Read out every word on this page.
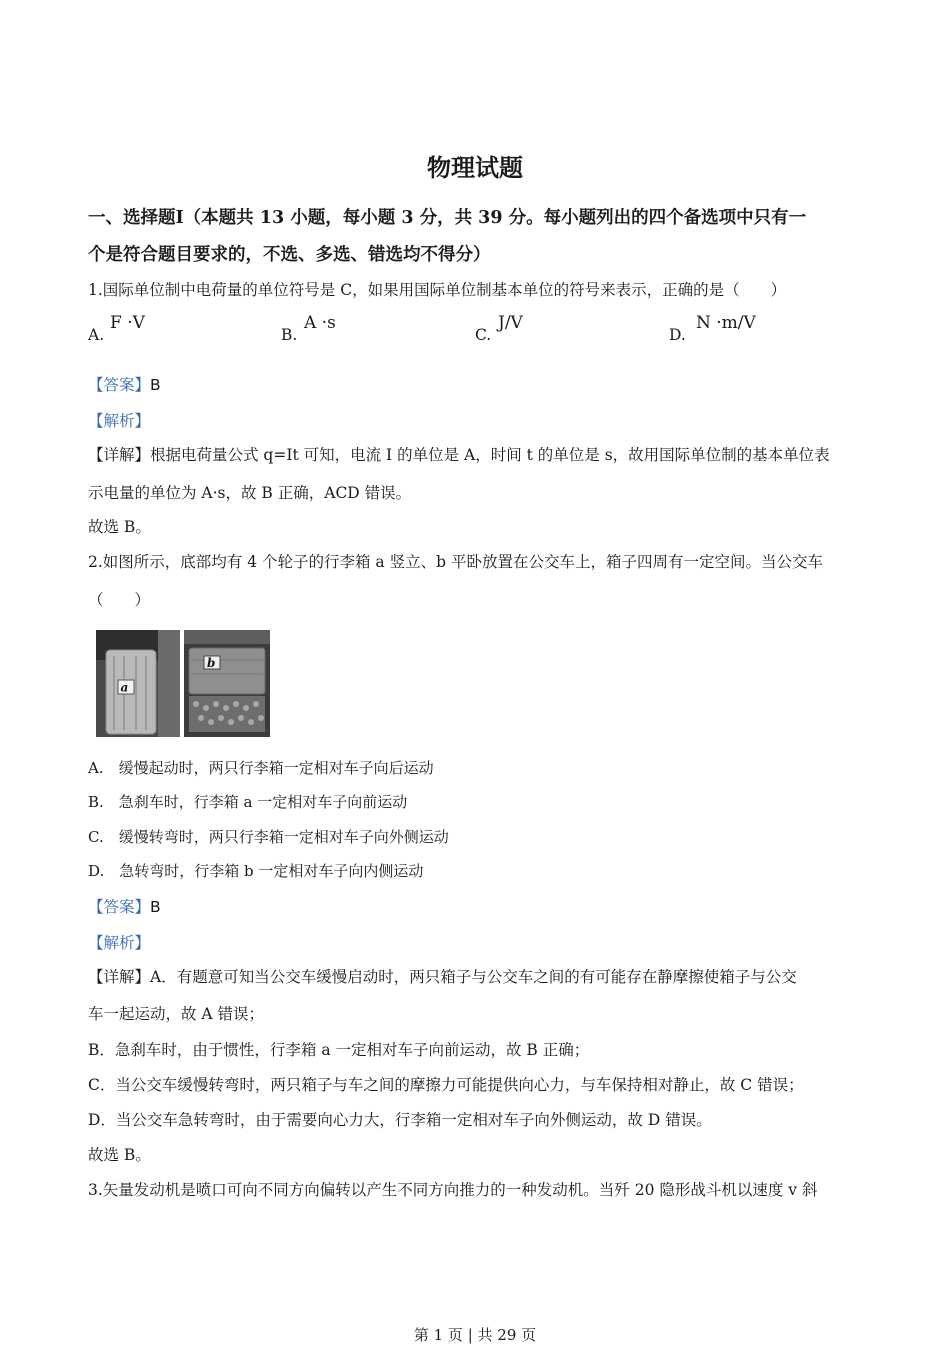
物理试题
一、选择题Ⅰ（本题共 13 小题，每小题 3 分，共 39 分。每小题列出的四个备选项中只有一
个是符合题目要求的，不选、多选、错选均不得分）
1.国际单位制中电荷量的单位符号是 C，如果用国际单位制基本单位的符号来表示，正确的是（　　）
A.
F ·V
B.
A ·s
C.
J/V
D.
N ·m/V
【答案】B
【解析】
【详解】根据电荷量公式 q=It 可知，电流 I 的单位是 A，时间 t 的单位是 s，故用国际单位制的基本单位表
示电量的单位为 A·s，故 B 正确，ACD 错误。
故选 B。
2.如图所示，底部均有 4 个轮子的行李箱 a 竖立、b 平卧放置在公交车上，箱子四周有一定空间。当公交车
（　　）
a
b
A.　缓慢起动时，两只行李箱一定相对车子向后运动
B.　急刹车时，行李箱 a 一定相对车子向前运动
C.　缓慢转弯时，两只行李箱一定相对车子向外侧运动
D.　急转弯时，行李箱 b 一定相对车子向内侧运动
【答案】B
【解析】
【详解】A．有题意可知当公交车缓慢启动时，两只箱子与公交车之间的有可能存在静摩擦使箱子与公交
车一起运动，故 A 错误；
B．急刹车时，由于惯性，行李箱 a 一定相对车子向前运动，故 B 正确；
C．当公交车缓慢转弯时，两只箱子与车之间的摩擦力可能提供向心力，与车保持相对静止，故 C 错误；
D．当公交车急转弯时，由于需要向心力大，行李箱一定相对车子向外侧运动，故 D 错误。
故选 B。
3.矢量发动机是喷口可向不同方向偏转以产生不同方向推力的一种发动机。当歼 20 隐形战斗机以速度 v 斜
第 1 页 | 共 29 页
